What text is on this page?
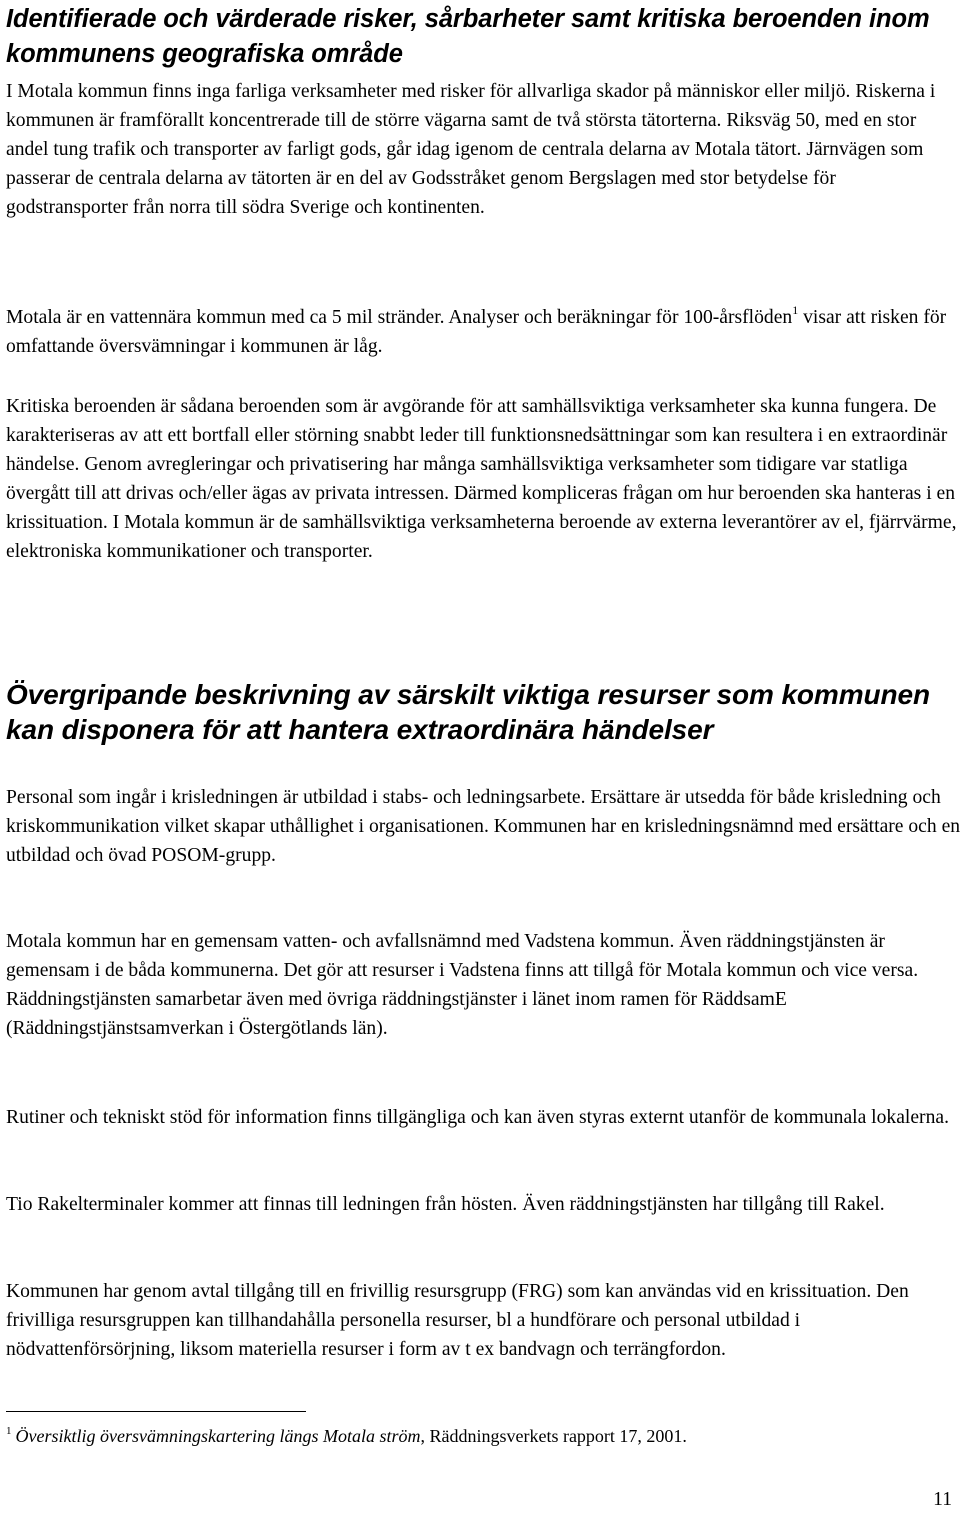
Identifierade och värderade risker, sårbarheter samt kritiska beroenden inom kommunens geografiska område

I Motala kommun finns inga farliga verksamheter med risker för allvarliga skador på människor eller miljö. Riskerna i kommunen är framförallt koncentrerade till de större vägarna samt de två största tätorterna. Riksväg 50, med en stor andel tung trafik och transporter av farligt gods, går idag igenom de centrala delarna av Motala tätort. Järnvägen som passerar de centrala delarna av tätorten är en del av Godsstråket genom Bergslagen med stor betydelse för godstransporter från norra till södra Sverige och kontinenten.

Motala är en vattennära kommun med ca 5 mil stränder. Analyser och beräkningar för 100-årsflöden$^1$ visar att risken för omfattande översvämningar i kommunen är låg.

Kritiska beroenden är sådana beroenden som är avgörande för att samhällsviktiga verksamheter ska kunna fungera. De karakteriseras av att ett bortfall eller störning snabbt leder till funktionsnedsättningar som kan resultera i en extraordinär händelse. Genom avregleringar och privatisering har många samhällsviktiga verksamheter som tidigare var statliga övergått till att drivas och/eller ägas av privata intressen. Därmed kompliceras frågan om hur beroenden ska hanteras i en krissituation. I Motala kommun är de samhällsviktiga verksamheterna beroende av externa leverantörer av el, fjärrvärme, elektroniska kommunikationer och transporter.

Övergripande beskrivning av särskilt viktiga resurser som kommunen kan disponera för att hantera extraordinära händelser

Personal som ingår i krisledningen är utbildad i stabs- och ledningsarbete. Ersättare är utsedda för både krisledning och kriskommunikation vilket skapar uthållighet i organisationen. Kommunen har en krisledningsnämnd med ersättare och en utbildad och övad POSOM-grupp.

Motala kommun har en gemensam vatten- och avfallsnämnd med Vadstena kommun. Även räddningstjänsten är gemensam i de båda kommunerna. Det gör att resurser i Vadstena finns att tillgå för Motala kommun och vice versa. Räddningstjänsten samarbetar även med övriga räddningstjänster i länet inom ramen för RäddsamE (Räddningstjänstsamverkan i Östergötlands län).

Rutiner och tekniskt stöd för information finns tillgängliga och kan även styras externt utanför de kommunala lokalerna.

Tio Rakelterminaler kommer att finnas till ledningen från hösten. Även räddningstjänsten har tillgång till Rakel.

Kommunen har genom avtal tillgång till en frivillig resursgrupp (FRG) som kan användas vid en krissituation. Den frivilliga resursgruppen kan tillhandahålla personella resurser, bl a hundförare och personal utbildad i nödvattenförsörjning, liksom materiella resurser i form av t ex bandvagn och terrängfordon.

$^1$ Översiktlig översvämningskartering längs Motala ström, Räddningsverkets rapport 17, 2001.

11
